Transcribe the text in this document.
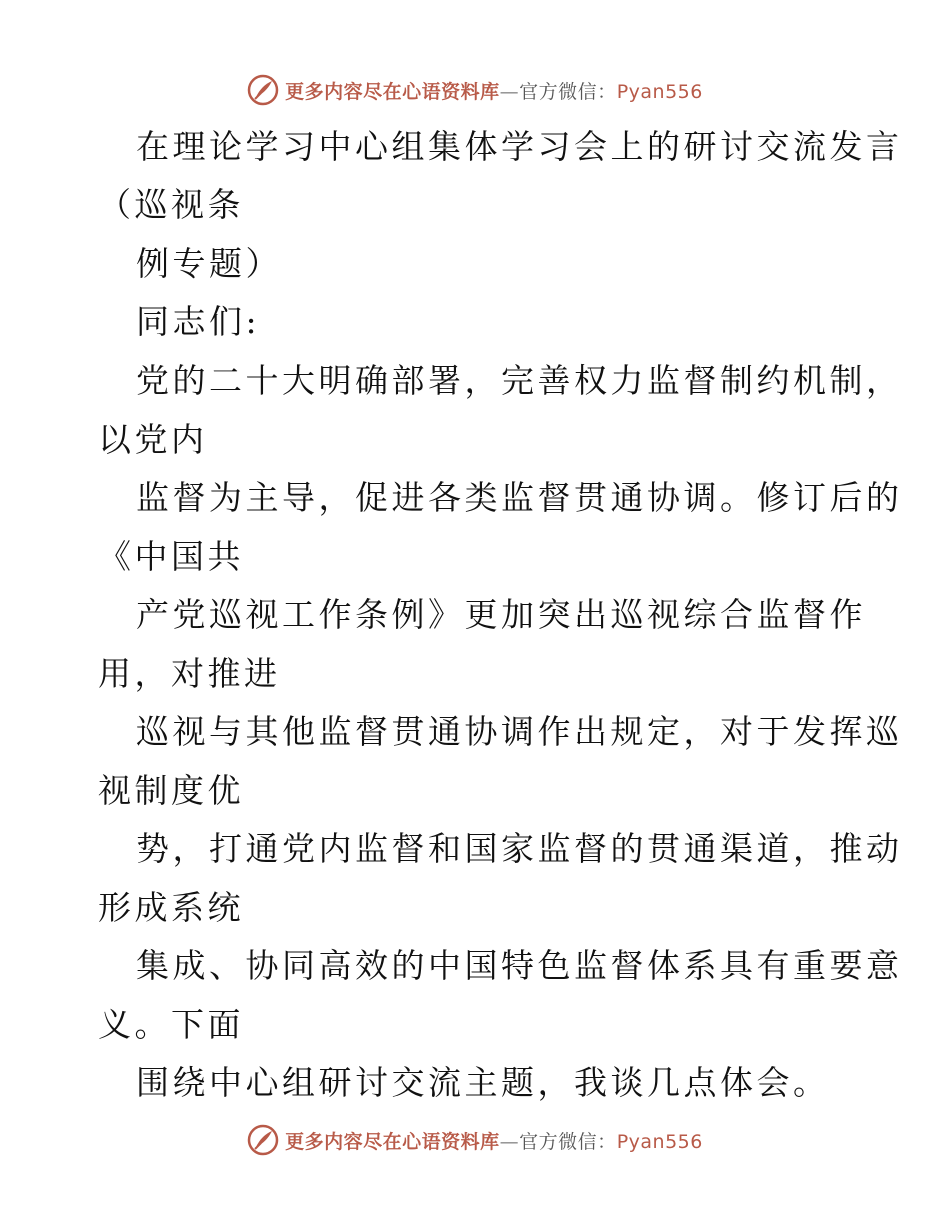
更多内容尽在心语资料库—官方微信：Pyan556
在理论学习中心组集体学习会上的研讨交流发言
（巡视条
例专题）
同志们:
党的二十大明确部署，完善权力监督制约机制，
以党内
监督为主导，促进各类监督贯通协调。修订后的
《中国共
产党巡视工作条例》更加突出巡视综合监督作
用，对推进
巡视与其他监督贯通协调作出规定，对于发挥巡
视制度优
势，打通党内监督和国家监督的贯通渠道，推动
形成系统
集成、协同高效的中国特色监督体系具有重要意
义。下面
围绕中心组研讨交流主题，我谈几点体会。
更多内容尽在心语资料库—官方微信：Pyan556
